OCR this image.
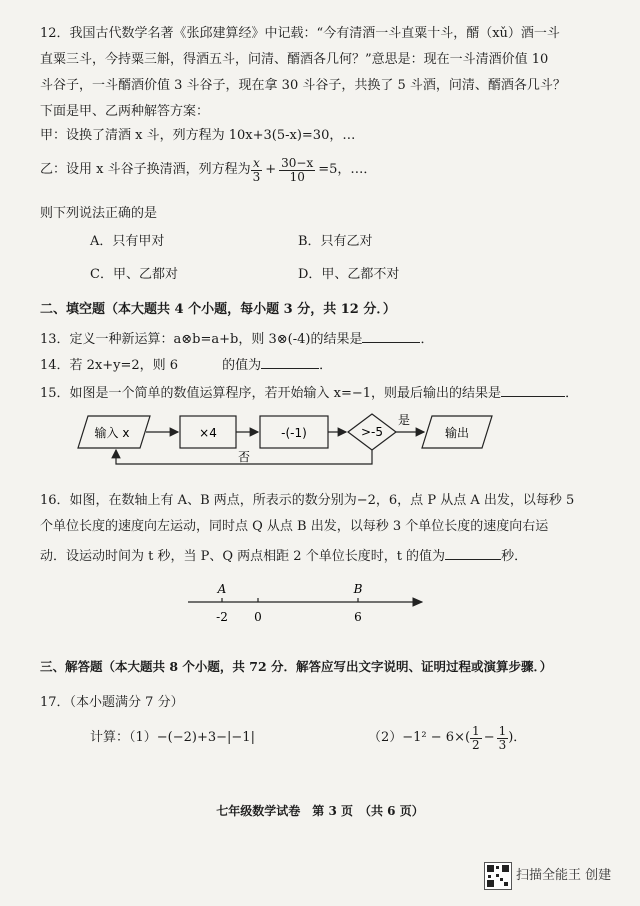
12．我国古代数学名著《张邱建算经》中记载：“今有清酒一斗直粟十斗，醑（xǔ）酒一斗
直粟三斗，今持粟三斛，得酒五斗，问清、醑酒各几何？”意思是：现在一斗清酒价值 10
斗谷子，一斗醑酒价值 3 斗谷子，现在拿 30 斗谷子，共换了 5 斗酒，问清、醑酒各几斗？
下面是甲、乙两种解答方案：
甲：设换了清酒 x 斗，列方程为 10x+3(5-x)=30，…
乙：设用 x 斗谷子换清酒，列方程为 $\frac{x}{3} + \frac{30-x}{10} =5$，…．
则下列说法正确的是
A．只有甲对	B．只有乙对
C．甲、乙都对	D．甲、乙都不对
二、填空题（本大题共 4 个小题，每小题 3 分，共 12 分．）
13．定义一种新运算：a⊗b=a+b，则 3⊗(-4)的结果是	．
14．若 2x+y=2，则 6	的值为	．
15．如图是一个简单的数值运算程序，若开始输入 x=−1，则最后输出的结果是	．
输入 x	×4	-(-1)	>-5
是
输出
否
16．如图，在数轴上有 A、B 两点，所表示的数分别为−2，6，点 P 从点 A 出发，以每秒 5
个单位长度的速度向左运动，同时点 Q 从点 B 出发，以每秒 3 个单位长度的速度向右运
动．设运动时间为 t 秒，当 P、Q 两点相距 2 个单位长度时，t 的值为	秒．
A	B
-2 0	6
三、解答题（本大题共 8 个小题，共 72 分．解答应写出文字说明、证明过程或演算步骤．）
17．（本小题满分 7 分）
计算：（1）−(−2)+3−|−1|	$(2)-1^2 - 6\times( \frac{1}{2} - \frac{1}{3}$ )．
七年级数学试卷　第 3 页　（共 6 页）
扫描全能王 创建
